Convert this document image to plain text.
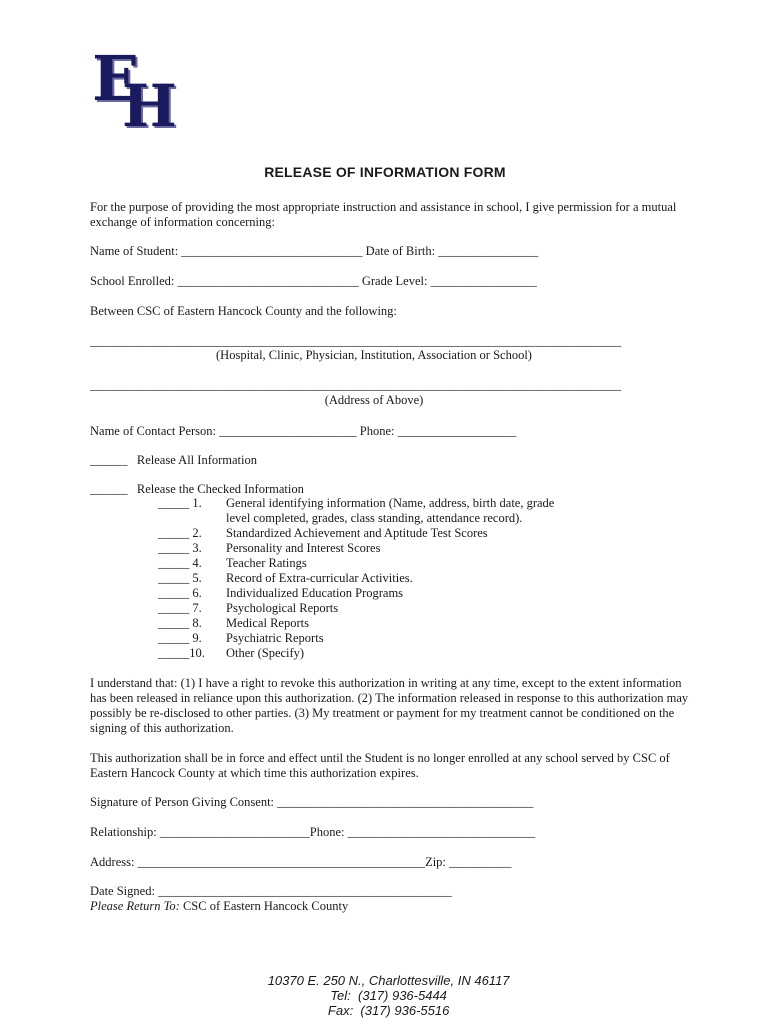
E
H
RELEASE OF INFORMATION FORM
For the purpose of providing the most appropriate instruction and assistance in school, I give permission for a mutual exchange of information concerning:
Name of Student: _____________________________ Date of Birth: ________________
School Enrolled: _____________________________ Grade Level: _________________
Between CSC of Eastern Hancock County and the following:
_____________________________________________________________________________________
(Hospital, Clinic, Physician, Institution, Association or School)
_____________________________________________________________________________________
(Address of Above)
Name of Contact Person: ______________________ Phone: ___________________
______   Release All Information
______   Release the Checked Information
_____ 1.	General identifying information (Name, address, birth date, grade level completed, grades, class standing, attendance record).
_____ 2.	Standardized Achievement and Aptitude Test Scores
_____ 3.	Personality and Interest Scores
_____ 4.	Teacher Ratings
_____ 5.	Record of Extra-curricular Activities.
_____ 6.	Individualized Education Programs
_____ 7.	Psychological Reports
_____ 8.	Medical Reports
_____ 9.	Psychiatric Reports
_____10.	Other (Specify)
I understand that: (1) I have a right to revoke this authorization in writing at any time, except to the extent information has been released in reliance upon this authorization. (2) The information released in response to this authorization may possibly be re-disclosed to other parties. (3) My treatment or payment for my treatment cannot be conditioned on the signing of this authorization.
This authorization shall be in force and effect until the Student is no longer enrolled at any school served by CSC of Eastern Hancock County at which time this authorization expires.
Signature of Person Giving Consent: _________________________________________
Relationship: ________________________Phone: ______________________________
Address: ______________________________________________Zip: __________
Date Signed: _______________________________________________
Please Return To: CSC of Eastern Hancock County

10370 E. 250 N., Charlottesville, IN 46117
Tel:  (317) 936-5444
Fax:  (317) 936-5516
